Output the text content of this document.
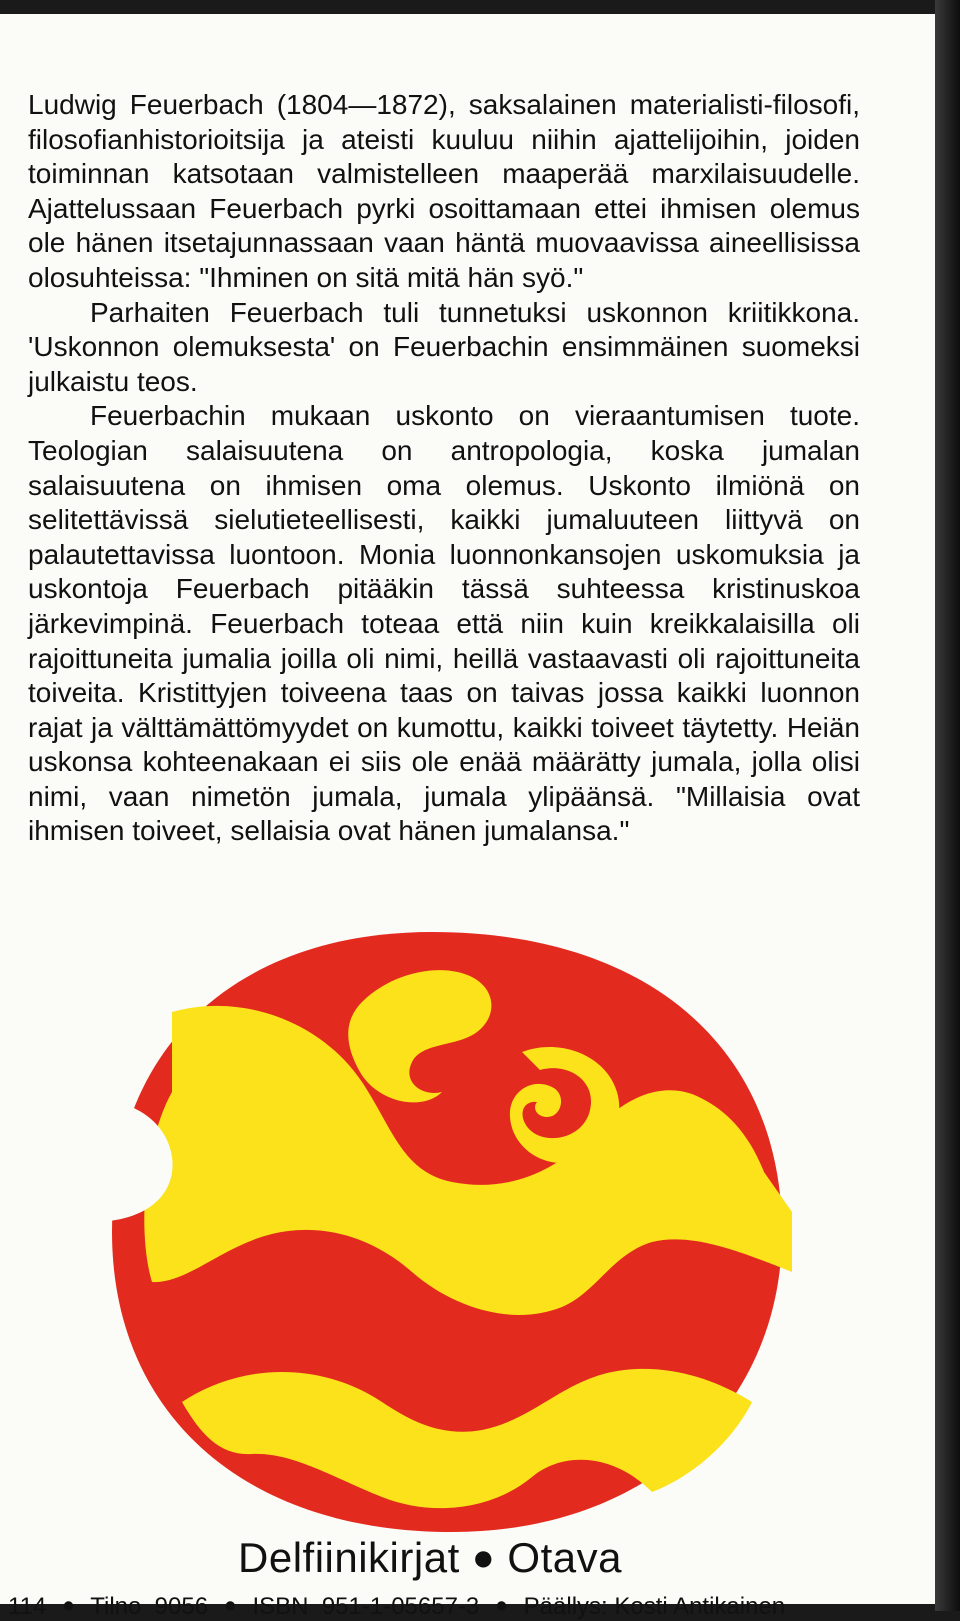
Ludwig Feuerbach (1804—1872), saksalainen materialisti-filosofi, filosofianhistorioitsija ja ateisti kuuluu niihin ajattelijoihin, joiden toiminnan katsotaan valmistelleen maaperää marxilaisuudelle. Ajattelussaan Feuerbach pyrki osoittamaan ettei ihmisen olemus ole hänen itsetajunnassaan vaan häntä muovaavissa aineellisissa olosuhteissa: "Ihminen on sitä mitä hän syö."

Parhaiten Feuerbach tuli tunnetuksi uskonnon kriitikkona. 'Uskonnon olemuksesta' on Feuerbachin ensimmäinen suomeksi julkaistu teos.

Feuerbachin mukaan uskonto on vieraantumisen tuote. Teologian salaisuutena on antropologia, koska jumalan salaisuutena on ihmisen oma olemus. Uskonto ilmiönä on selitettävissä sielutieteellisesti, kaikki jumaluuteen liittyvä on palautettavissa luontoon. Monia luonnonkansojen uskomuksia ja uskontoja Feuerbach pitääkin tässä suhteessa kristinuskoa järkevimpinä. Feuerbach toteaa että niin kuin kreikkalaisilla oli rajoittuneita jumalia joilla oli nimi, heillä vastaavasti oli rajoittuneita toiveita. Kristittyjen toiveena taas on taivas jossa kaikki luonnon rajat ja välttämättömyydet on kumottu, kaikki toiveet täytetty. Heiän uskonsa kohteenakaan ei siis ole enää määrätty jumala, jolla olisi nimi, vaan nimetön jumala, jumala ylipäänsä. "Millaisia ovat ihmisen toiveet, sellaisia ovat hänen jumalansa."

Delfiinikirjat ● Otava
114 ● Tilno  9056 ● ISBN  951-1-05657-3 ● Päällys: Kosti Antikainen
